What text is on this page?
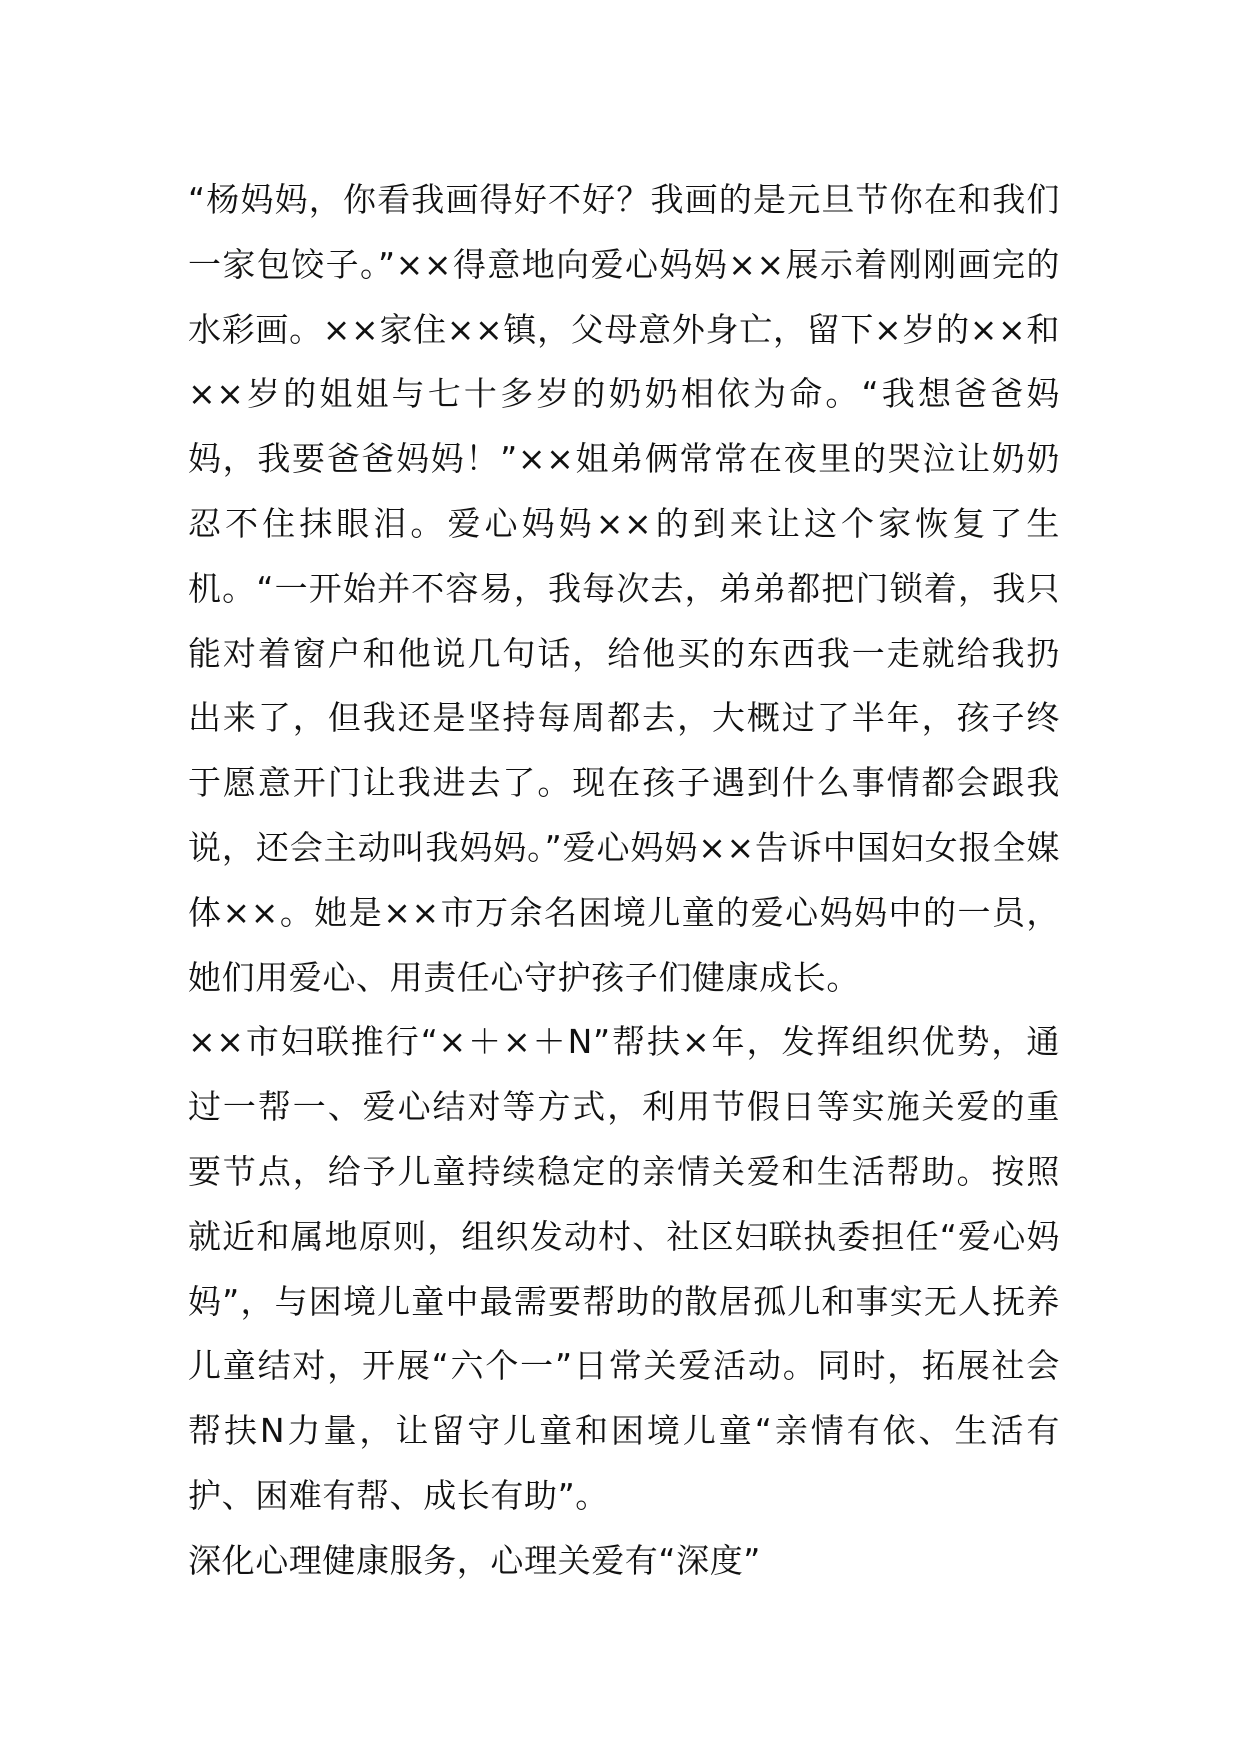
“杨妈妈，你看我画得好不好？我画的是元旦节你在和我们一家包饺子。”××得意地向爱心妈妈××展示着刚刚画完的水彩画。××家住××镇，父母意外身亡，留下×岁的××和××岁的姐姐与七十多岁的奶奶相依为命。“我想爸爸妈妈，我要爸爸妈妈！”××姐弟俩常常在夜里的哭泣让奶奶忍不住抹眼泪。爱心妈妈××的到来让这个家恢复了生机。“一开始并不容易，我每次去，弟弟都把门锁着，我只能对着窗户和他说几句话，给他买的东西我一走就给我扔出来了，但我还是坚持每周都去，大概过了半年，孩子终于愿意开门让我进去了。现在孩子遇到什么事情都会跟我说，还会主动叫我妈妈。”爱心妈妈××告诉中国妇女报全媒体××。她是××市万余名困境儿童的爱心妈妈中的一员，她们用爱心、用责任心守护孩子们健康成长。

××市妇联推行“×＋×＋N”帮扶×年，发挥组织优势，通过一帮一、爱心结对等方式，利用节假日等实施关爱的重要节点，给予儿童持续稳定的亲情关爱和生活帮助。按照就近和属地原则，组织发动村、社区妇联执委担任“爱心妈妈”，与困境儿童中最需要帮助的散居孤儿和事实无人抚养儿童结对，开展“六个一”日常关爱活动。同时，拓展社会帮扶N力量，让留守儿童和困境儿童“亲情有依、生活有护、困难有帮、成长有助”。

深化心理健康服务，心理关爱有“深度”
